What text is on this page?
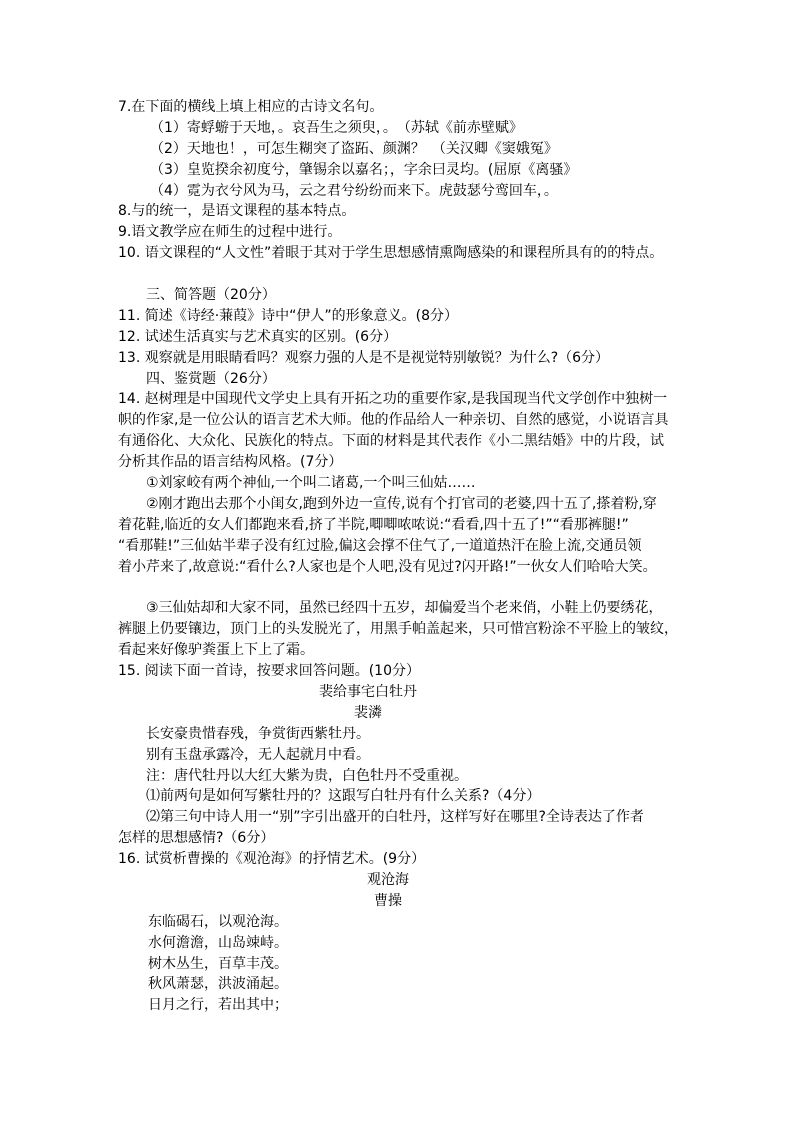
7.在下面的横线上填上相应的古诗文名句。
（1）寄蜉蝣于天地，。哀吾生之须臾，。　（苏轼《前赤壁赋》
（2）天地也！，可怎生糊突了盗跖、颜渊？　（关汉卿《窦娥冤》
（3）皇览揆余初度兮，肇锡余以嘉名；，字余曰灵均。(屈原《离骚》
（4）霓为衣兮风为马，云之君兮纷纷而来下。虎鼓瑟兮鸾回车，。
8.与的统一，是语文课程的基本特点。
9.语文教学应在师生的过程中进行。
10. 语文课程的“人文性”着眼于其对于学生思想感情熏陶感染的和课程所具有的的特点。
三、简答题（20分）
11. 简述《诗经·蒹葭》诗中“伊人”的形象意义。(8分）
12. 试述生活真实与艺术真实的区别。(6分）
13. 观察就是用眼睛看吗？观察力强的人是不是视觉特别敏锐？为什么?（6分）
四、鉴赏题（26分）
14. 赵树理是中国现代文学史上具有开拓之功的重要作家,是我国现当代文学创作中独树一
帜的作家,是一位公认的语言艺术大师。他的作品给人一种亲切、自然的感觉，小说语言具
有通俗化、大众化、民族化的特点。下面的材料是其代表作《小二黑结婚》中的片段，试
分析其作品的语言结构风格。(7分）
①刘家峧有两个神仙,一个叫二诸葛,一个叫三仙姑……
②刚才跑出去那个小闺女,跑到外边一宣传,说有个打官司的老婆,四十五了,搽着粉,穿
着花鞋,临近的女人们都跑来看,挤了半院,唧唧哝哝说:“看看,四十五了!”“看那裤腿!”
“看那鞋!”三仙姑半辈子没有红过脸,偏这会撑不住气了,一道道热汗在脸上流,交通员领
着小芹来了,故意说:“看什么?人家也是个人吧,没有见过?闪开路!”一伙女人们哈哈大笑。
③三仙姑却和大家不同，虽然已经四十五岁，却偏爱当个老来俏，小鞋上仍要绣花，
裤腿上仍要镶边，顶门上的头发脱光了，用黑手帕盖起来，只可惜宫粉涂不平脸上的皱纹，
看起来好像驴粪蛋上下上了霜。
15. 阅读下面一首诗，按要求回答问题。(10分）
裴给事宅白牡丹
裴潾
长安豪贵惜春残，争赏街西紫牡丹。
别有玉盘承露冷，无人起就月中看。
注：唐代牡丹以大红大紫为贵，白色牡丹不受重视。
⑴前两句是如何写紫牡丹的？这跟写白牡丹有什么关系?（4分）
⑵第三句中诗人用一“别”字引出盛开的白牡丹，这样写好在哪里?全诗表达了作者
怎样的思想感情?（6分）
16. 试赏析曹操的《观沧海》的抒情艺术。(9分）
观沧海
曹操
东临碣石，以观沧海。
水何澹澹，山岛竦峙。
树木丛生，百草丰茂。
秋风萧瑟，洪波涌起。
日月之行，若出其中；
